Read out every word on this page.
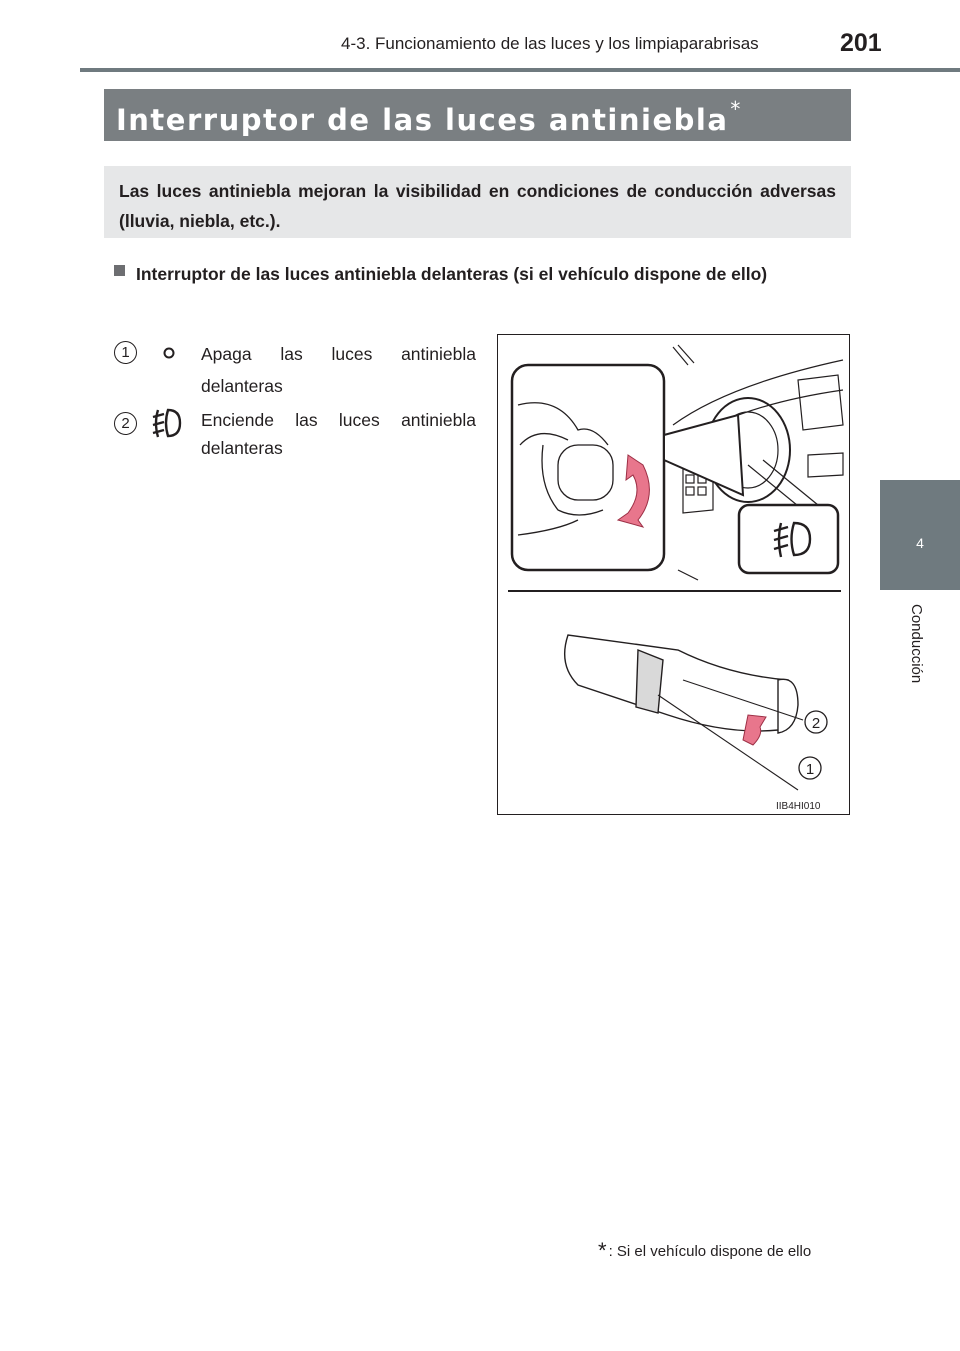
4-3. Funcionamiento de las luces y los limpiaparabrisas	201
4
Conducción
Interruptor de las luces antiniebla *
Las luces antiniebla mejoran la visibilidad en condiciones de conducción adversas (lluvia, niebla, etc.).
Interruptor de las luces antiniebla delanteras (si el vehículo dispone de ello)
1	Apaga las luces antiniebla delanteras
2	Enciende las luces antiniebla delanteras
2
1
IIB4HI010
* : Si el vehículo dispone de ello
